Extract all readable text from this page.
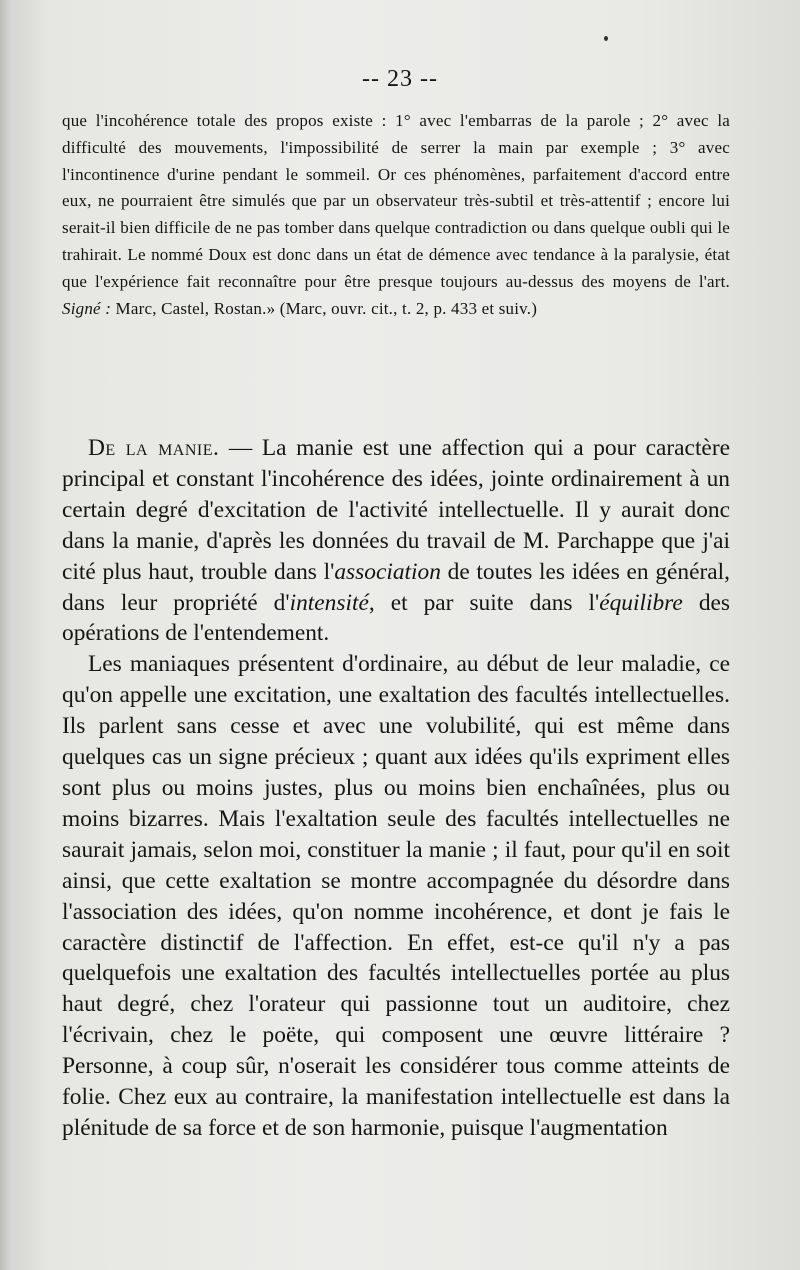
-- 23 --

que l'incohérence totale des propos existe : 1° avec l'embarras de la parole ; 2° avec la difficulté des mouvements, l'impossibilité de serrer la main par exemple ; 3° avec l'incontinence d'urine pendant le sommeil. Or ces phénomènes, parfaitement d'accord entre eux, ne pourraient être simulés que par un observateur très-subtil et très-attentif ; encore lui serait-il bien difficile de ne pas tomber dans quelque contradiction ou dans quelque oubli qui le trahirait. Le nommé Doux est donc dans un état de démence avec tendance à la paralysie, état que l'expérience fait reconnaître pour être presque toujours au-dessus des moyens de l'art. Signé : Marc, Castel, Rostan.» (Marc, ouvr. cit., t. 2, p. 433 et suiv.)

De la manie. — La manie est une affection qui a pour caractère principal et constant l'incohérence des idées, jointe ordinairement à un certain degré d'excitation de l'activité intellectuelle. Il y aurait donc dans la manie, d'après les données du travail de M. Parchappe que j'ai cité plus haut, trouble dans l'association de toutes les idées en général, dans leur propriété d'intensité, et par suite dans l'équilibre des opérations de l'entendement.

Les maniaques présentent d'ordinaire, au début de leur maladie, ce qu'on appelle une excitation, une exaltation des facultés intellectuelles. Ils parlent sans cesse et avec une volubilité, qui est même dans quelques cas un signe précieux ; quant aux idées qu'ils expriment elles sont plus ou moins justes, plus ou moins bien enchaînées, plus ou moins bizarres. Mais l'exaltation seule des facultés intellectuelles ne saurait jamais, selon moi, constituer la manie ; il faut, pour qu'il en soit ainsi, que cette exaltation se montre accompagnée du désordre dans l'association des idées, qu'on nomme incohérence, et dont je fais le caractère distinctif de l'affection. En effet, est-ce qu'il n'y a pas quelquefois une exaltation des facultés intellectuelles portée au plus haut degré, chez l'orateur qui passionne tout un auditoire, chez l'écrivain, chez le poëte, qui composent une œuvre littéraire ? Personne, à coup sûr, n'oserait les considérer tous comme atteints de folie. Chez eux au contraire, la manifestation intellectuelle est dans la plénitude de sa force et de son harmonie, puisque l'augmentation
